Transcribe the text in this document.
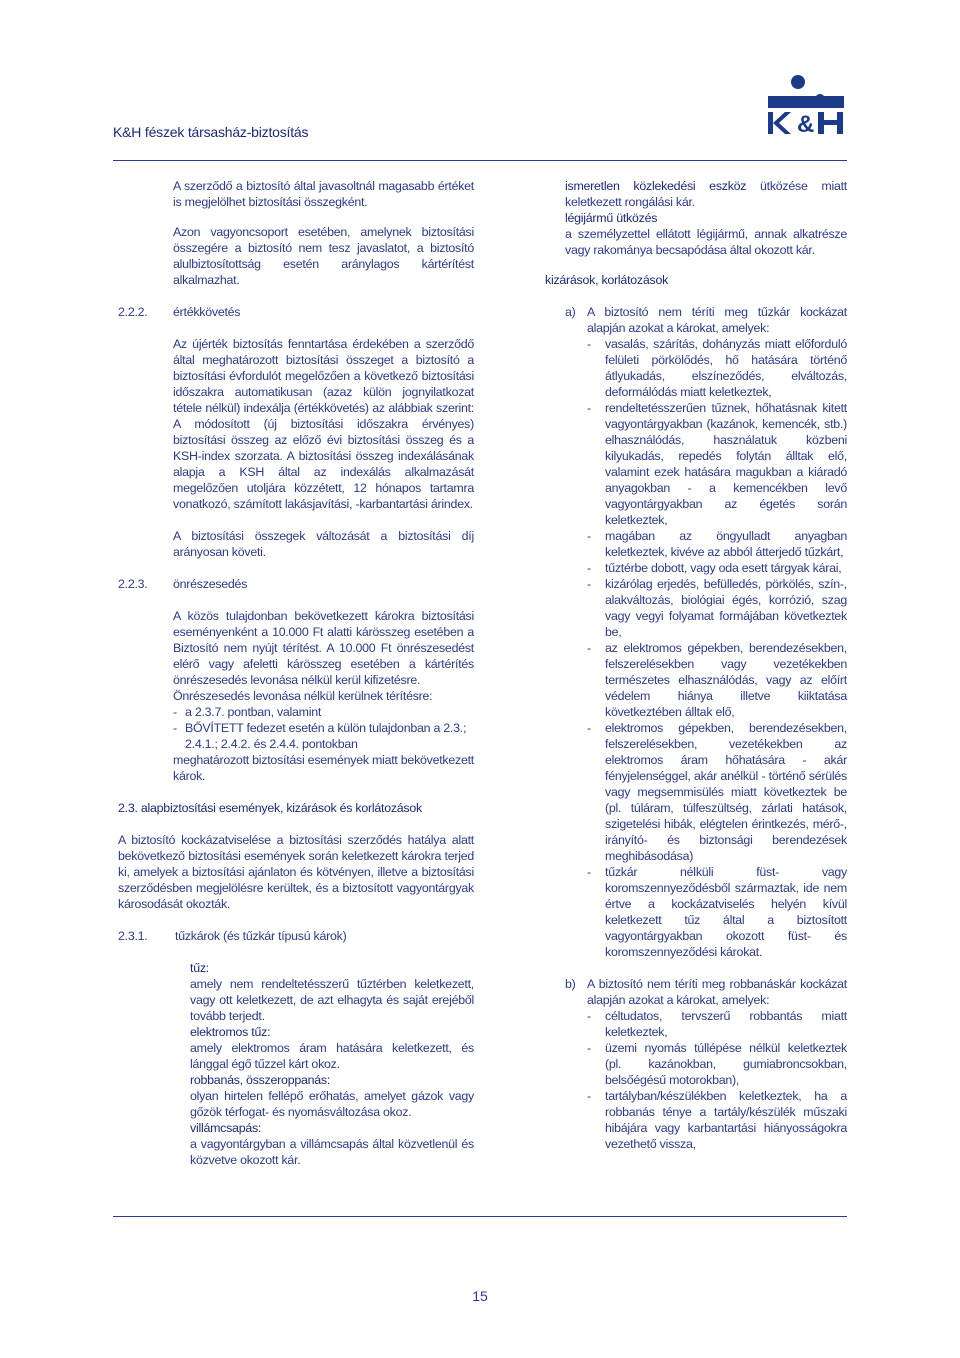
K&H fészek társasház-biztosítás	&

A szerződő a biztosító által javasoltnál magasabb értéket is megjelölhet biztosítási összegként.

Azon vagyoncsoport esetében, amelynek biztosítási összegére a biztosító nem tesz javaslatot, a biztosító alulbiztosítottság esetén aránylagos kártérítést alkalmazhat.

2.2.2. értékkövetés

Az újérték biztosítás fenntartása érdekében a szerződő által meghatározott biztosítási összeget a biztosító a biztosítási évfordulót megelőzően a következő biztosítási időszakra automatikusan (azaz külön jognyilatkozat tétele nélkül) indexálja (értékkövetés) az alábbiak szerint: A módosított (új biztosítási időszakra érvényes) biztosítási összeg az előző évi biztosítási összeg és a KSH-index szorzata. A biztosítási összeg indexálásának alapja a KSH által az indexálás alkalmazását megelőzően utoljára közzétett, 12 hónapos tartamra vonatkozó, számított lakásjavítási, -karbantartási árindex.

A biztosítási összegek változását a biztosítási díj arányosan követi.

2.2.3. önrészesedés

A közös tulajdonban bekövetkezett károkra biztosítási eseményenként a 10.000 Ft alatti kárösszeg esetében a Biztosító nem nyújt térítést. A 10.000 Ft önrészesedést elérő vagy afeletti kárösszeg esetében a kártérítés önrészesedés levonása nélkül kerül kifizetésre.

Önrészesedés levonása nélkül kerülnek térítésre:

- a 2.3.7. pontban, valamint
- BŐVÍTETT fedezet esetén a külön tulajdonban a 2.3.; 2.4.1.; 2.4.2. és 2.4.4. pontokban

meghatározott biztosítási események miatt bekövetkezett károk.

2.3. alapbiztosítási események, kizárások és korlátozások

A biztosító kockázatviselése a biztosítási szerződés hatálya alatt bekövetkező biztosítási események során keletkezett károkra terjed ki, amelyek a biztosítási ajánlaton és kötvényen, illetve a biztosítási szerződésben megjelölésre kerültek, és a biztosított vagyontárgyak károsodását okozták.

2.3.1. tűzkárok (és tűzkár típusú károk)
tűz:

amely nem rendeltetésszerű tűztérben keletkezett, vagy ott keletkezett, de azt elhagyta és saját erejéből tovább terjedt.

elektromos tűz:

amely elektromos áram hatására keletkezett, és lánggal égő tűzzel kárt okoz.

robbanás, összeroppanás:

olyan hirtelen fellépő erőhatás, amelyet gázok vagy gőzök térfogat- és nyomásváltozása okoz.

villámcsapás:

a vagyontárgyban a villámcsapás által közvetlenül és közvetve okozott kár.

ismeretlen közlekedési eszköz ütközése miatt keletkezett rongálási kár.

légijármű ütközés

a személyzettel ellátott légijármű, annak alkatrésze vagy rakománya becsapódása által okozott kár.

kizárások, korlátozások
a) A biztosító nem téríti meg tűzkár kockázat alapján azokat a károkat, amelyek:

- vasalás, szárítás, dohányzás miatt előforduló felületi pörkölődés, hő hatására történő átlyukadás, elszíneződés, elváltozás, deformálódás miatt keletkeztek,
- rendeltetésszerűen tűznek, hőhatásnak kitett vagyontárgyakban (kazánok, kemencék, stb.) elhasználódás, használatuk közbeni kilyukadás, repedés folytán álltak elő, valamint ezek hatására magukban a kiáradó anyagokban - a kemencékben levő vagyontárgyakban az égetés során keletkeztek,
- magában az öngyulladt anyagban keletkeztek, kivéve az abból átterjedő tűzkárt,
- tűztérbe dobott, vagy oda esett tárgyak kárai,
- kizárólag erjedés, befülledés, pörkölés, szín-, alakváltozás, biológiai égés, korrózió, szag vagy vegyi folyamat formájában következtek be,
- az elektromos gépekben, berendezésekben, felszerelésekben vagy vezetékekben természetes elhasználódás, vagy az előírt védelem hiánya illetve kiiktatása következtében álltak elő,
- elektromos gépekben, berendezésekben, felszerelésekben, vezetékekben az elektromos áram hőhatására - akár fényjelenséggel, akár anélkül - történő sérülés vagy megsemmisülés miatt következtek be (pl. túláram, túlfeszültség, zárlati hatások, szigetelési hibák, elégtelen érintkezés, mérő-, irányító- és biztonsági berendezések meghibásodása)
- tűzkár nélküli füst- vagy koromszennyeződésből származtak, ide nem értve a kockázatviselés helyén kívül keletkezett tűz által a biztosított vagyontárgyakban okozott füst- és koromszennyeződési károkat.
b) A biztosító nem téríti meg robbanáskár kockázat alapján azokat a károkat, amelyek:

- céltudatos, tervszerű robbantás miatt keletkeztek,
- üzemi nyomás túllépése nélkül keletkeztek (pl. kazánokban, gumiabroncsokban, belsőégésű motorokban),
- tartályban/készülékben keletkeztek, ha a robbanás ténye a tartály/készülék műszaki hibájára vagy karbantartási hiányosságokra vezethető vissza,
15
